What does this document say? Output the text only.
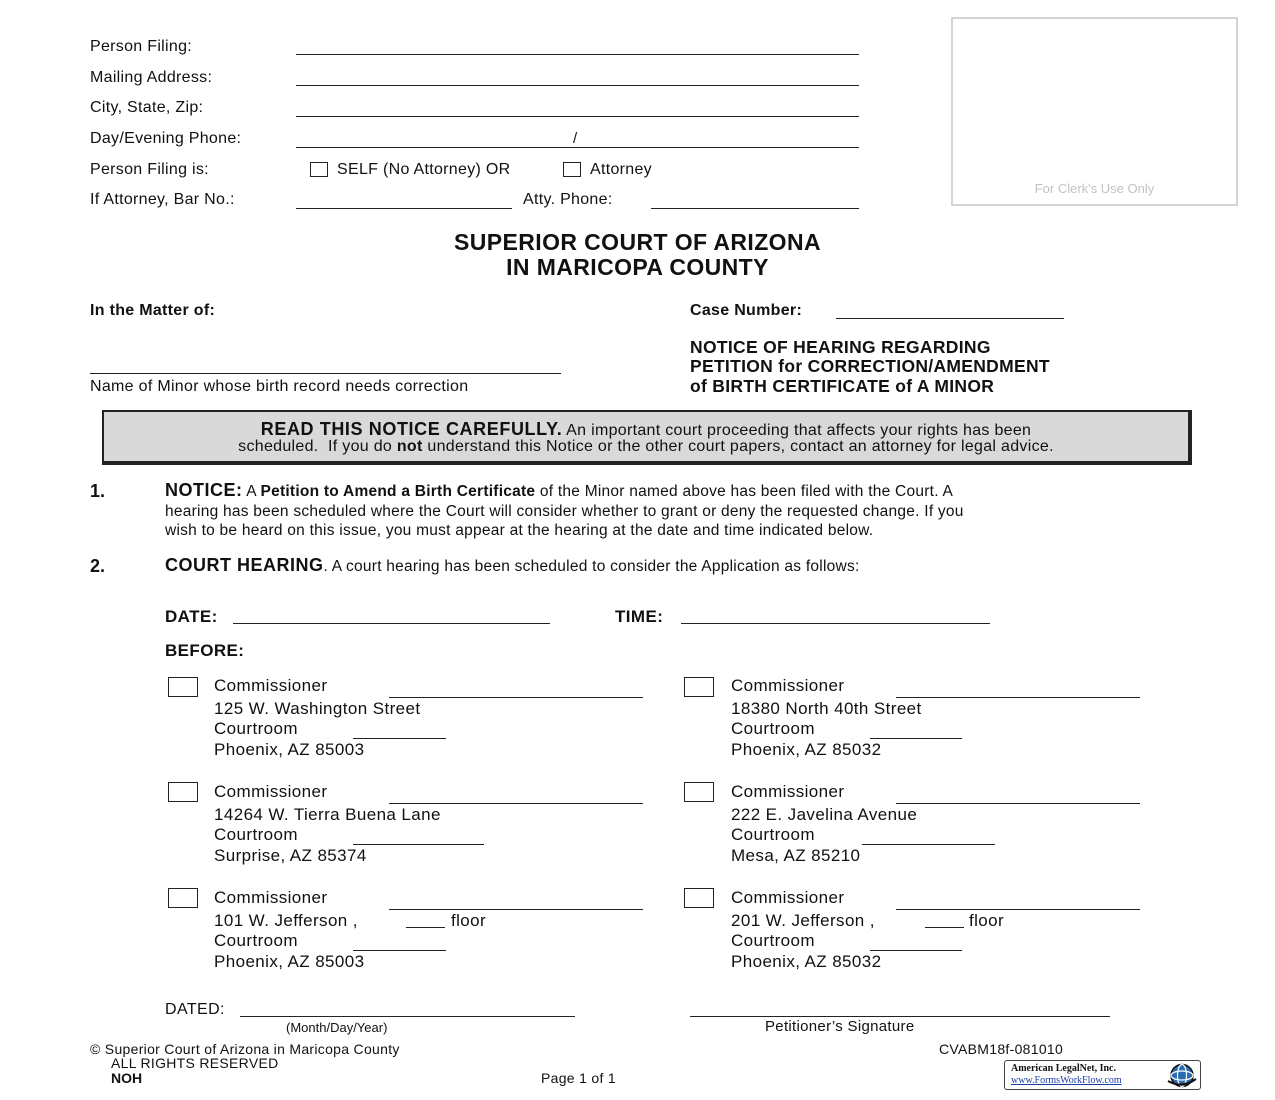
Person Filing:
Mailing Address:
City, State, Zip:
Day/Evening Phone:	/
Person Filing is:	SELF (No Attorney) OR	Attorney
If Attorney, Bar No.:	Atty. Phone:
For Clerk's Use Only
SUPERIOR COURT OF ARIZONA
IN MARICOPA COUNTY
In the Matter of:
Name of Minor whose birth record needs correction
Case Number:
NOTICE OF HEARING REGARDING
PETITION for CORRECTION/AMENDMENT
of BIRTH CERTIFICATE of A MINOR
READ THIS NOTICE CAREFULLY. An important court proceeding that affects your rights has been
scheduled.  If you do not understand this Notice or the other court papers, contact an attorney for legal advice.
1.	NOTICE: A Petition to Amend a Birth Certificate of the Minor named above has been filed with the Court. A
hearing has been scheduled where the Court will consider whether to grant or deny the requested change. If you
wish to be heard on this issue, you must appear at the hearing at the date and time indicated below.
2.	COURT HEARING. A court hearing has been scheduled to consider the Application as follows:
DATE:	TIME:
BEFORE:
Commissioner
125 W. Washington Street
Courtroom
Phoenix, AZ 85003
Commissioner
18380 North 40th Street
Courtroom
Phoenix, AZ 85032
Commissioner
14264 W. Tierra Buena Lane
Courtroom
Surprise, AZ 85374
Commissioner
222 E. Javelina Avenue
Courtroom
Mesa, AZ 85210
Commissioner
101 W. Jefferson ,	floor
Courtroom
Phoenix, AZ 85003
Commissioner
201 W. Jefferson ,	floor
Courtroom
Phoenix, AZ 85032
DATED:
(Month/Day/Year)	Petitioner’s Signature
© Superior Court of Arizona in Maricopa County
ALL RIGHTS RESERVED
NOH	Page 1 of 1
CVABM18f-081010
American LegalNet, Inc.
www.FormsWorkFlow.com
